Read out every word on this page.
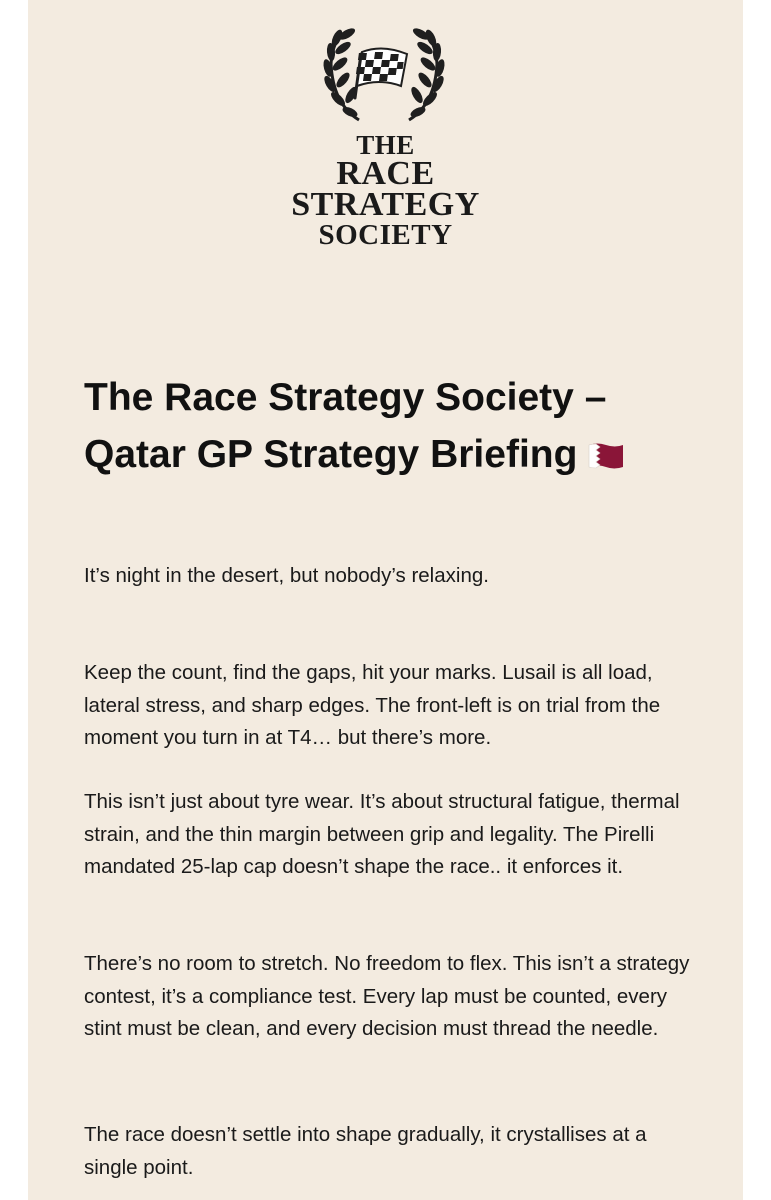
THE
RACE
STRATEGY
SOCIETY
The Race Strategy Society –
Qatar GP Strategy Briefing

It’s night in the desert, but nobody’s relaxing.

Keep the count, find the gaps, hit your marks. Lusail is all load, lateral stress, and sharp edges. The front-left is on trial from the moment you turn in at T4… but there’s more.

This isn’t just about tyre wear. It’s about structural fatigue, thermal strain, and the thin margin between grip and legality. The Pirelli mandated 25-lap cap doesn’t shape the race.. it enforces it.

There’s no room to stretch. No freedom to flex. This isn’t a strategy contest, it’s a compliance test. Every lap must be counted, every stint must be clean, and every decision must thread the needle.

The race doesn’t settle into shape gradually, it crystallises at a single point.
